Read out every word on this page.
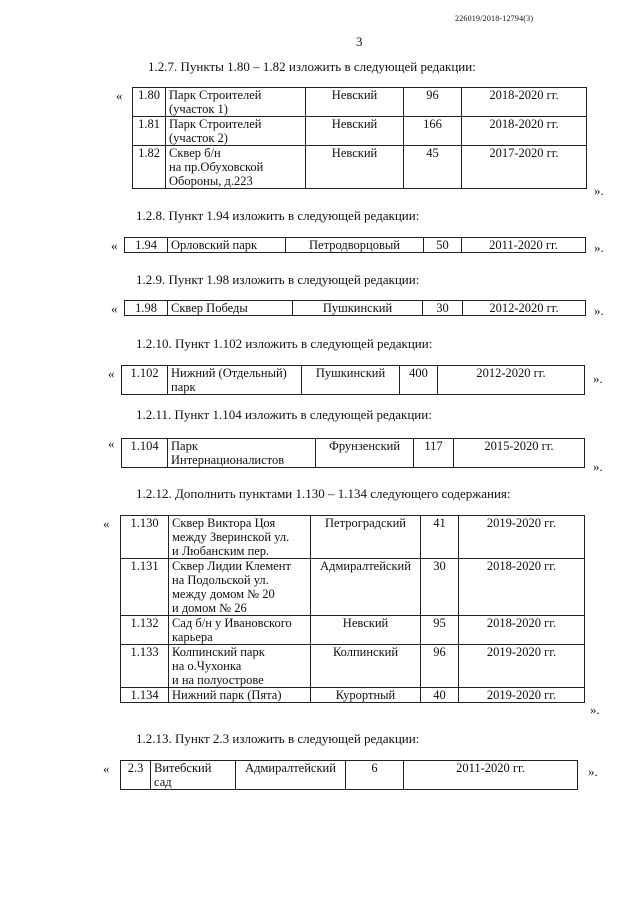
226019/2018-12794(3)
3
1.2.7. Пункты 1.80 – 1.82 изложить в следующей редакции:
« 1.80	Парк Строителей
(участок 1)	Невский	96	2018-2020 гг.
1.81	Парк Строителей
(участок 2)	Невский	166	2018-2020 гг.
1.82	Сквер б/н
на пр.Обуховской
Обороны, д.223	Невский	45	2017-2020 гг.
».
1.2.8. Пункт 1.94 изложить в следующей редакции:
« 1.94	Орловский парк	Петродворцовый	50	2011-2020 гг.	».
1.2.9. Пункт 1.98 изложить в следующей редакции:
« 1.98	Сквер Победы	Пушкинский	30	2012-2020 гг.	».
1.2.10. Пункт 1.102 изложить в следующей редакции:
« 1.102	Нижний (Отдельный)
парк
	Пушкинский	400	2012-2020 гг.	».
1.2.11. Пункт 1.104 изложить в следующей редакции:
« 1.104	Парк
Интернационалистов
	Фрунзенский	117	2015-2020 гг.
».
1.2.12. Дополнить пунктами 1.130 – 1.134 следующего содержания:
« 1.130	Сквер Виктора Цоя
между Зверинской ул.
и Любанским пер.	Петроградский	41	2019-2020 гг.
1.131	Сквер Лидии Клемент
на Подольской ул.
между домом № 20
и домом № 26	Адмиралтейский	30	2018-2020 гг.
1.132	Сад б/н у Ивановского
карьера	Невский	95	2018-2020 гг.
1.133	Колпинский парк
на о.Чухонка
и на полуострове	Колпинский	96	2019-2020 гг.
1.134	Нижний парк (Пята)	Курортный	40	2019-2020 гг.
».
1.2.13. Пункт 2.3 изложить в следующей редакции:
« 2.3	Витебский сад
	Адмиралтейский	6	2011-2020 гг.	».
